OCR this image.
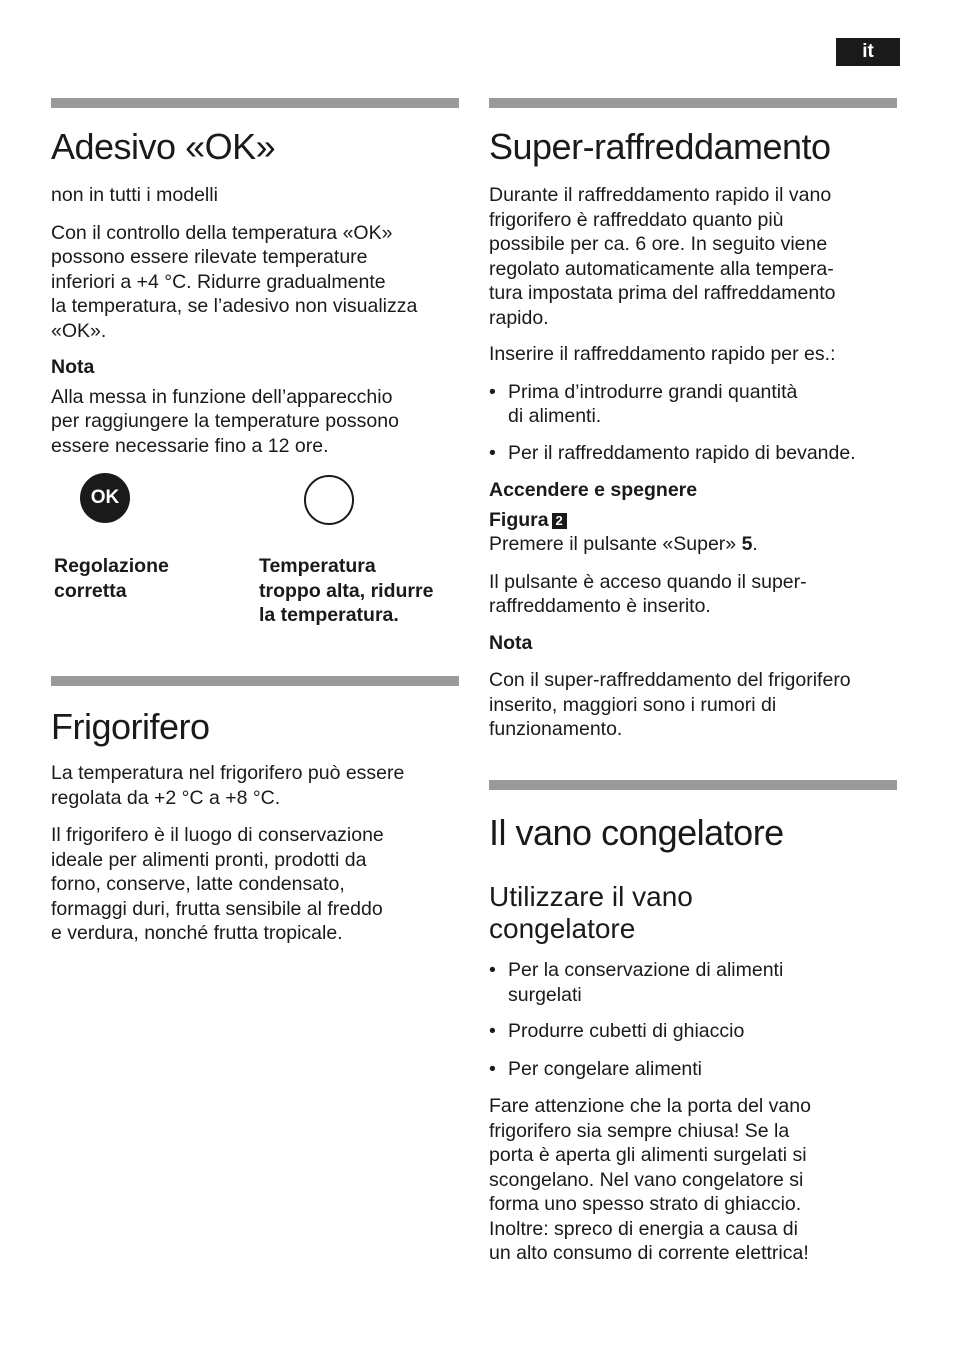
it
Adesivo «OK»

non in tutti i modelli

Con il controllo della temperatura «OK»
possono essere rilevate temperature
inferiori a +4 °C. Ridurre gradualmente
la temperatura, se l’adesivo non visualizza
«OK».

Nota

Alla messa in funzione dell’apparecchio
per raggiungere la temperature possono
essere necessarie fino a 12 ore.

OK
Regolazione
corretta
Temperatura
troppo alta, ridurre
la temperatura.
Frigorifero

La temperatura nel frigorifero può essere
regolata da +2 °C a +8 °C.

Il frigorifero è il luogo di conservazione
ideale per alimenti pronti, prodotti da
forno, conserve, latte condensato,
formaggi duri, frutta sensibile al freddo
e verdura, nonché frutta tropicale.

Super-raffreddamento

Durante il raffreddamento rapido il vano
frigorifero è raffreddato quanto più
possibile per ca. 6 ore. In seguito viene
regolato automaticamente alla tempera-
tura impostata prima del raffreddamento
rapido.

Inserire il raffreddamento rapido per es.:

• Prima d’introdurre grandi quantità
di alimenti.
• Per il raffreddamento rapido di bevande.

Accendere e spegnere

Figura 2

Premere il pulsante «Super» 5.

Il pulsante è acceso quando il super-
raffreddamento è inserito.

Nota

Con il super-raffreddamento del frigorifero
inserito, maggiori sono i rumori di
funzionamento.

Il vano congelatore
Utilizzare il vano
congelatore
• Per la conservazione di alimenti
surgelati
• Produrre cubetti di ghiaccio
• Per congelare alimenti

Fare attenzione che la porta del vano
frigorifero sia sempre chiusa! Se la
porta è aperta gli alimenti surgelati si
scongelano. Nel vano congelatore si
forma uno spesso strato di ghiaccio.
Inoltre: spreco di energia a causa di
un alto consumo di corrente elettrica!
